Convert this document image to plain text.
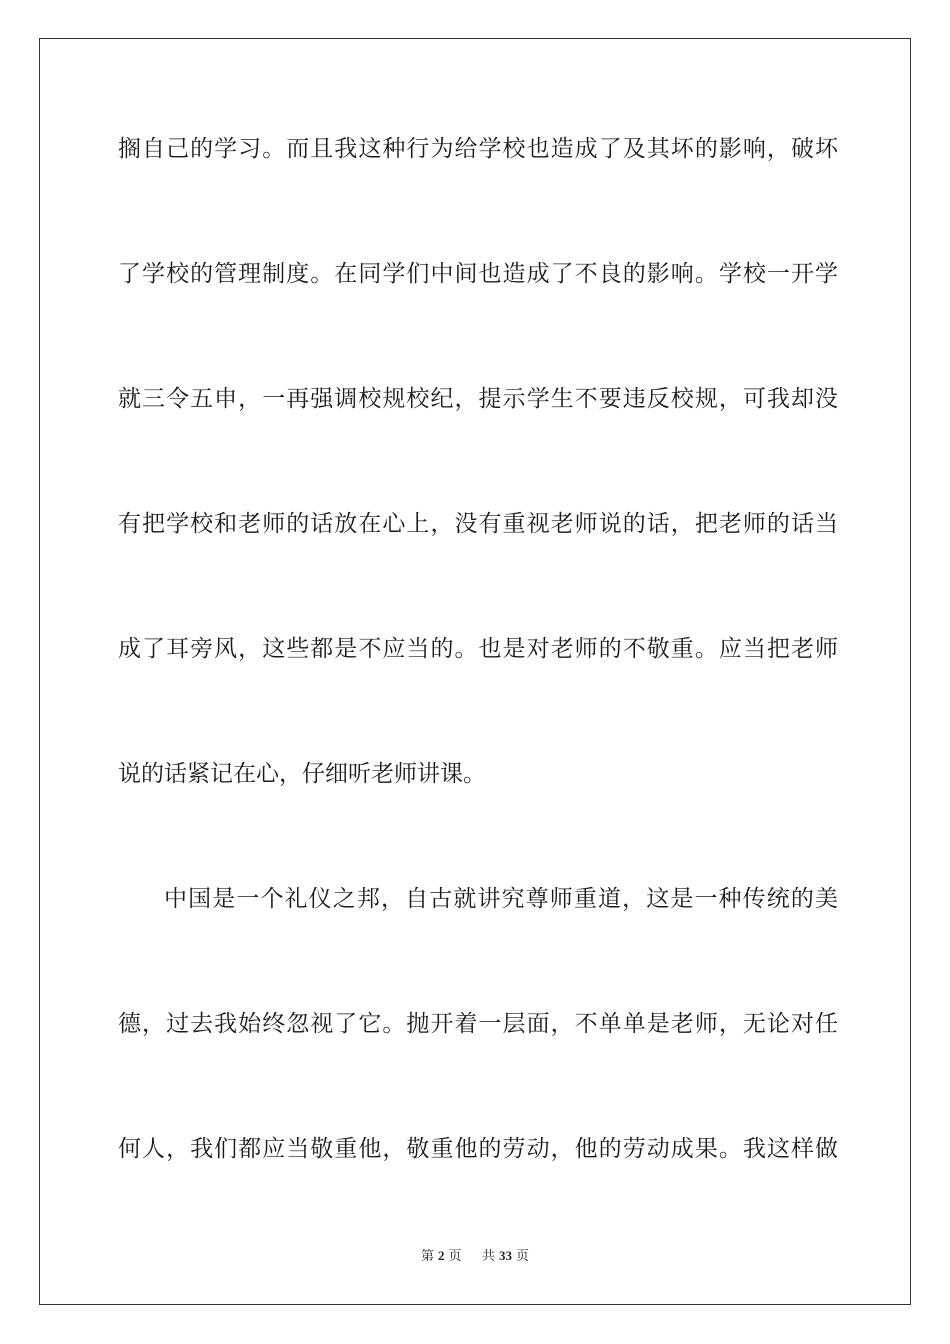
搁自己的学习。而且我这种行为给学校也造成了及其坏的影响，破坏
了学校的管理制度。在同学们中间也造成了不良的影响。学校一开学
就三令五申，一再强调校规校纪，提示学生不要违反校规，可我却没
有把学校和老师的话放在心上，没有重视老师说的话，把老师的话当
成了耳旁风，这些都是不应当的。也是对老师的不敬重。应当把老师
说的话紧记在心，仔细听老师讲课。
中国是一个礼仪之邦，自古就讲究尊师重道，这是一种传统的美
德，过去我始终忽视了它。抛开着一层面，不单单是老师，无论对任
何人，我们都应当敬重他，敬重他的劳动，他的劳动成果。我这样做
第 2 页 共 33 页
